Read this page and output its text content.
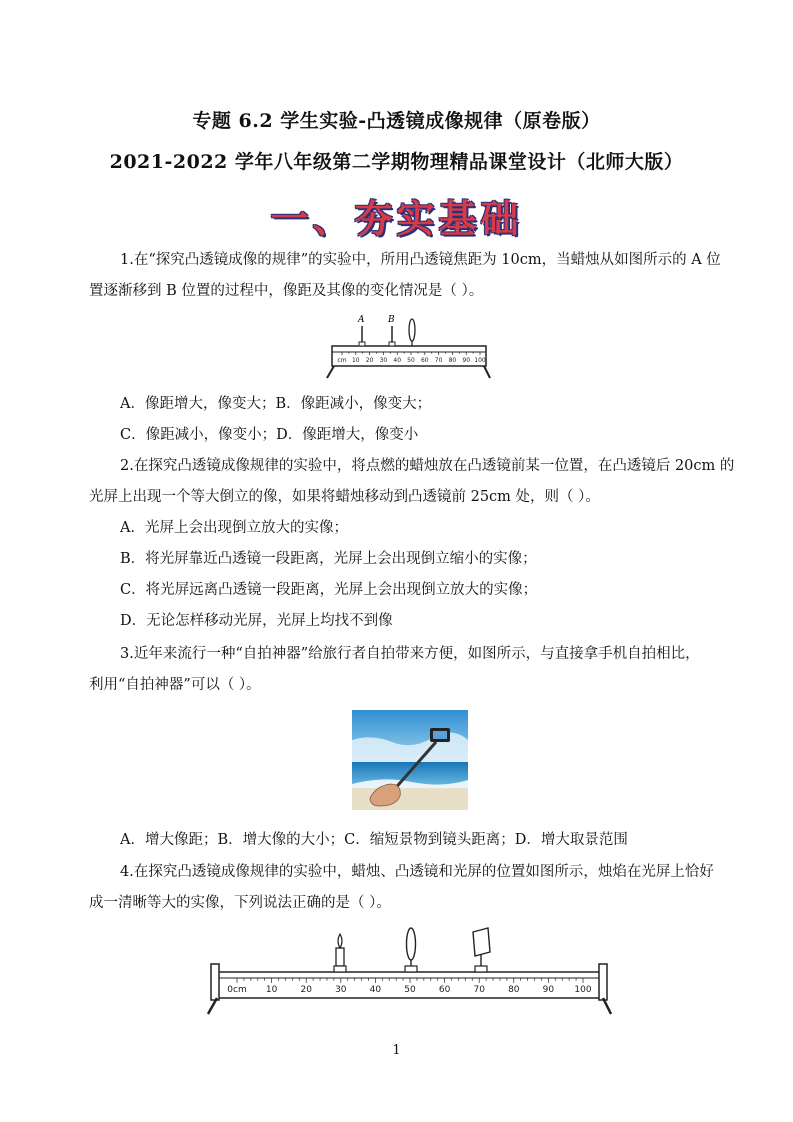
专题 6.2 学生实验-凸透镜成像规律（原卷版）
2021-2022 学年八年级第二学期物理精品课堂设计（北师大版）
一、夯实基础
1.在“探究凸透镜成像的规律”的实验中，所用凸透镜焦距为 10cm，当蜡烛从如图所示的 A 位
置逐渐移到 B 位置的过程中，像距及其像的变化情况是（ ）。
A	B
cm 10 20 30 40 50 60 70 80 90 100
A．像距增大，像变大；B．像距减小，像变大；
C．像距减小，像变小；D．像距增大，像变小
2.在探究凸透镜成像规律的实验中，将点燃的蜡烛放在凸透镜前某一位置，在凸透镜后 20cm 的
光屏上出现一个等大倒立的像，如果将蜡烛移动到凸透镜前 25cm 处，则（ ）。
A．光屏上会出现倒立放大的实像；
B．将光屏靠近凸透镜一段距离，光屏上会出现倒立缩小的实像；
C．将光屏远离凸透镜一段距离，光屏上会出现倒立放大的实像；
D．无论怎样移动光屏，光屏上均找不到像
3.近年来流行一种“自拍神器”给旅行者自拍带来方便，如图所示，与直接拿手机自拍相比，
利用“自拍神器”可以（ ）。
A．增大像距；B．增大像的大小；C．缩短景物到镜头距离；D．增大取景范围
4.在探究凸透镜成像规律的实验中，蜡烛、凸透镜和光屏的位置如图所示，烛焰在光屏上恰好
成一清晰等大的实像，下列说法正确的是（ ）。
0cm 10	20	30	40	50	60	70	80	90 100
1
